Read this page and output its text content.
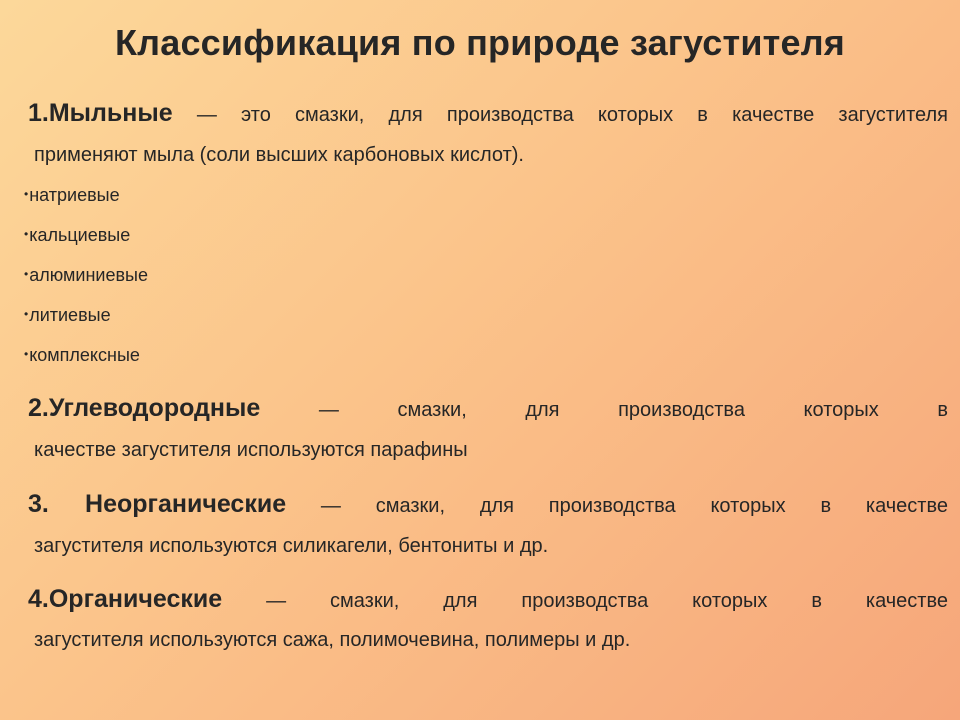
Классификация по природе загустителя
1.Мыльные — это смазки, для производства которых в качестве загустителя
применяют мыла (соли высших карбоновых кислот).
•натриевые
•кальциевые
•алюминиевые
•литиевые
•комплексные
2.Углеводородные — смазки, для производства которых в
качестве загустителя используются парафины
3. Неорганические — смазки, для производства которых в качестве
загустителя используются силикагели, бентониты и др.
4.Органические — смазки, для производства которых в качестве
загустителя используются сажа, полимочевина, полимеры и др.
